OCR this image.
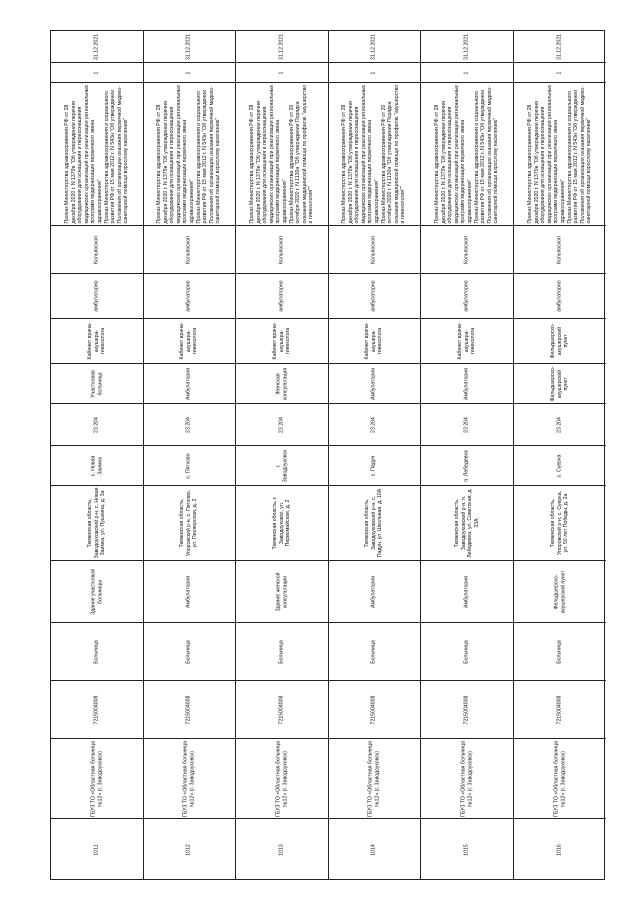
31.12.2021
1
Приказ Министерства здравоохранения РФ от 28 декабря 2020 г. N 1379н "Об утверждении перечня оборудования для оснащения и переоснащения медицинских организаций при реализации региональных программ модернизации первичного звена здравоохранения"
Приказ Министерства здравоохранения и социального развития РФ от 15 мая 2012 г. N 543н "Об утверждении Положения об организации оказания первичной медико-санитарной помощи взрослому населению"
Кольпоскоп
амбулаторно
Кабинет врача-акушера-гинеколога
Участковая больница
23 204
с. Новая Заимка
Тюменская область, Заводоуковский р-н, с. Новая Заимка, ул. Пушкина, д. 3а
Здание участковой больницы
Больница
7215004008
ГБУЗ ТО «Областная больница №12» (г. Заводоуковск)
1011
31.12.2021
1
Приказ Министерства здравоохранения РФ от 28 декабря 2020 г. N 1379н "Об утверждении перечня оборудования для оснащения и переоснащения медицинских организаций при реализации региональных программ модернизации первичного звена здравоохранения"
Приказ Министерства здравоохранения и социального развития РФ от 15 мая 2012 г. N 543н "Об утверждении Положения об организации оказания первичной медико-санитарной помощи взрослому населению"
Кольпоскоп
амбулаторно
Кабинет врача-акушера-гинеколога
Амбулатория
23 204
с. Пятково
Тюменская область, Упоровский р-н, с. Пятково, ул. Пионерская, д. 2
Амбулатория
Больница
7215004008
ГБУЗ ТО «Областная больница №12» (г. Заводоуковск)
1012
31.12.2021
1
Приказ Министерства здравоохранения РФ от 28 декабря 2020 г. N 1379н "Об утверждении перечня оборудования для оснащения и переоснащения медицинских организаций при реализации региональных программ модернизации первичного звена здравоохранения"
Приказ Министерства здравоохранения РФ от 20 октября 2020 г. N 1130н "Об утверждении Порядка оказания медицинской помощи по профилю "акушерство и гинекология""
Кольпоскоп
амбулаторно
Кабинет врача-акушера-гинеколога
Женская консультация
23 204
г. Заводоуковск
Тюменская область, г. Заводоуковск, ул. Первомайская, д. 2
Здание женской консультации
Больница
7215004008
ГБУЗ ТО «Областная больница №12» (г. Заводоуковск)
1013
31.12.2021
1
Приказ Министерства здравоохранения РФ от 28 декабря 2020 г. N 1379н "Об утверждении перечня оборудования для оснащения и переоснащения медицинских организаций при реализации региональных программ модернизации первичного звена здравоохранения"
Приказ Министерства здравоохранения РФ от 20 октября 2020 г. N 1130н "Об утверждении Порядка оказания медицинской помощи по профилю "акушерство и гинекология""
Кольпоскоп
амбулаторно
Кабинет врача-акушера-гинеколога
Амбулатория
23 204
с. Падун
Тюменская область, Заводоуковский р-н, с. Падун, ул. Школьная, д. 10А
Амбулатория
Больница
7215004008
ГБУЗ ТО «Областная больница №12» (г. Заводоуковск)
1014
31.12.2021
1
Приказ Министерства здравоохранения РФ от 28 декабря 2020 г. N 1379н "Об утверждении перечня оборудования для оснащения и переоснащения медицинских организаций при реализации региональных программ модернизации первичного звена здравоохранения"
Приказ Министерства здравоохранения и социального развития РФ от 15 мая 2012 г. N 543н "Об утверждении Положения об организации оказания первичной медико-санитарной помощи взрослому населению"
Кольпоскоп
амбулаторно
Кабинет врача-акушера-гинеколога
Амбулатория
23 204
п. Лебедевка
Тюменская область, Заводоуковский р-н, п. Лебедевка, ул. Советская, д. 33А
Амбулатория
Больница
7215004008
ГБУЗ ТО «Областная больница №12» (г. Заводоуковск)
1015
31.12.2021
1
Приказ Министерства здравоохранения РФ от 28 декабря 2020 г. N 1379н "Об утверждении перечня оборудования для оснащения и переоснащения медицинских организаций при реализации региональных программ модернизации первичного звена здравоохранения"
Приказ Министерства здравоохранения и социального развития РФ от 15 мая 2012 г. N 543н "Об утверждении Положения об организации оказания первичной медико-санитарной помощи взрослому населению"
Кольпоскоп
амбулаторно
Фельдшерско-акушерский пункт
Фельдшерско-акушерский пункт
23 204
с. Суерка
Тюменская область, Упоровский р-н, с. Суерка, ул. 50 лет Победы, д. 2а
Фельдшерско-акушерский пункт
Больница
7215004008
ГБУЗ ТО «Областная больница №12» (г. Заводоуковск)
1016
